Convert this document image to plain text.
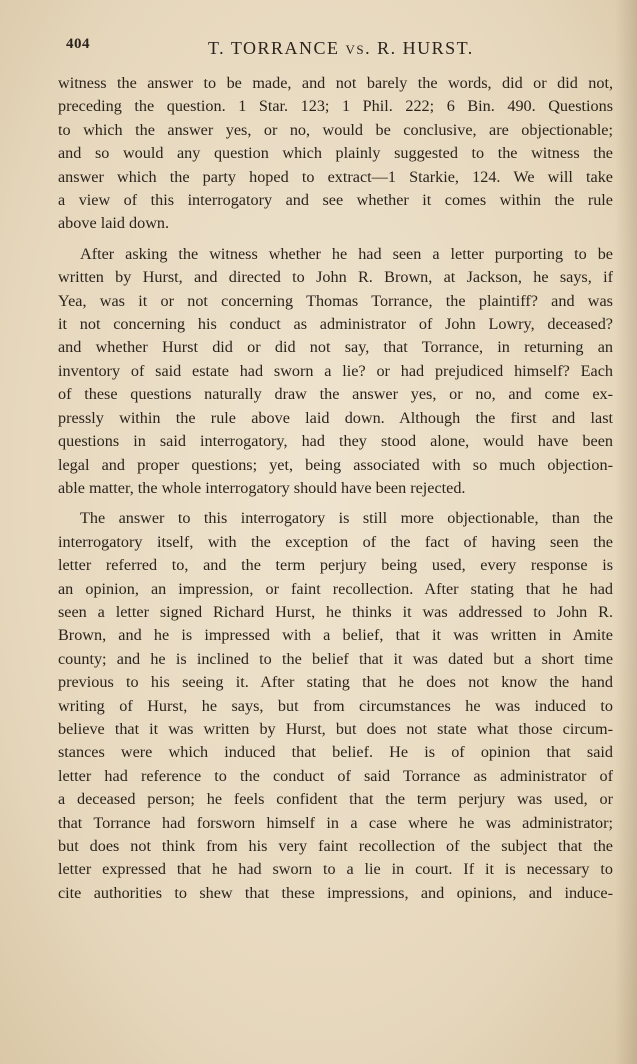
404	T. TORRANCE vs. R. HURST.

witness the answer to be made, and not barely the words, did or did not,

preceding the question. 1 Star. 123; 1 Phil. 222; 6 Bin. 490. Questions

to which the answer yes, or no, would be conclusive, are objectionable;

and so would any question which plainly suggested to the witness the

answer which the party hoped to extract—1 Starkie, 124. We will take

a view of this interrogatory and see whether it comes within the rule

above laid down.

After asking the witness whether he had seen a letter purporting to be

written by Hurst, and directed to John R. Brown, at Jackson, he says, if

Yea, was it or not concerning Thomas Torrance, the plaintiff? and was

it not concerning his conduct as administrator of John Lowry, deceased?

and whether Hurst did or did not say, that Torrance, in returning an

inventory of said estate had sworn a lie? or had prejudiced himself? Each

of these questions naturally draw the answer yes, or no, and come ex-

pressly within the rule above laid down. Although the first and last

questions in said interrogatory, had they stood alone, would have been

legal and proper questions; yet, being associated with so much objection-

able matter, the whole interrogatory should have been rejected.

The answer to this interrogatory is still more objectionable, than the

interrogatory itself, with the exception of the fact of having seen the

letter referred to, and the term perjury being used, every response is

an opinion, an impression, or faint recollection. After stating that he had

seen a letter signed Richard Hurst, he thinks it was addressed to John R.

Brown, and he is impressed with a belief, that it was written in Amite

county; and he is inclined to the belief that it was dated but a short time

previous to his seeing it. After stating that he does not know the hand

writing of Hurst, he says, but from circumstances he was induced to

believe that it was written by Hurst, but does not state what those circum-

stances were which induced that belief. He is of opinion that said

letter had reference to the conduct of said Torrance as administrator of

a deceased person; he feels confident that the term perjury was used, or

that Torrance had forsworn himself in a case where he was administrator;

but does not think from his very faint recollection of the subject that the

letter expressed that he had sworn to a lie in court. If it is necessary to

cite authorities to shew that these impressions, and opinions, and induce-
